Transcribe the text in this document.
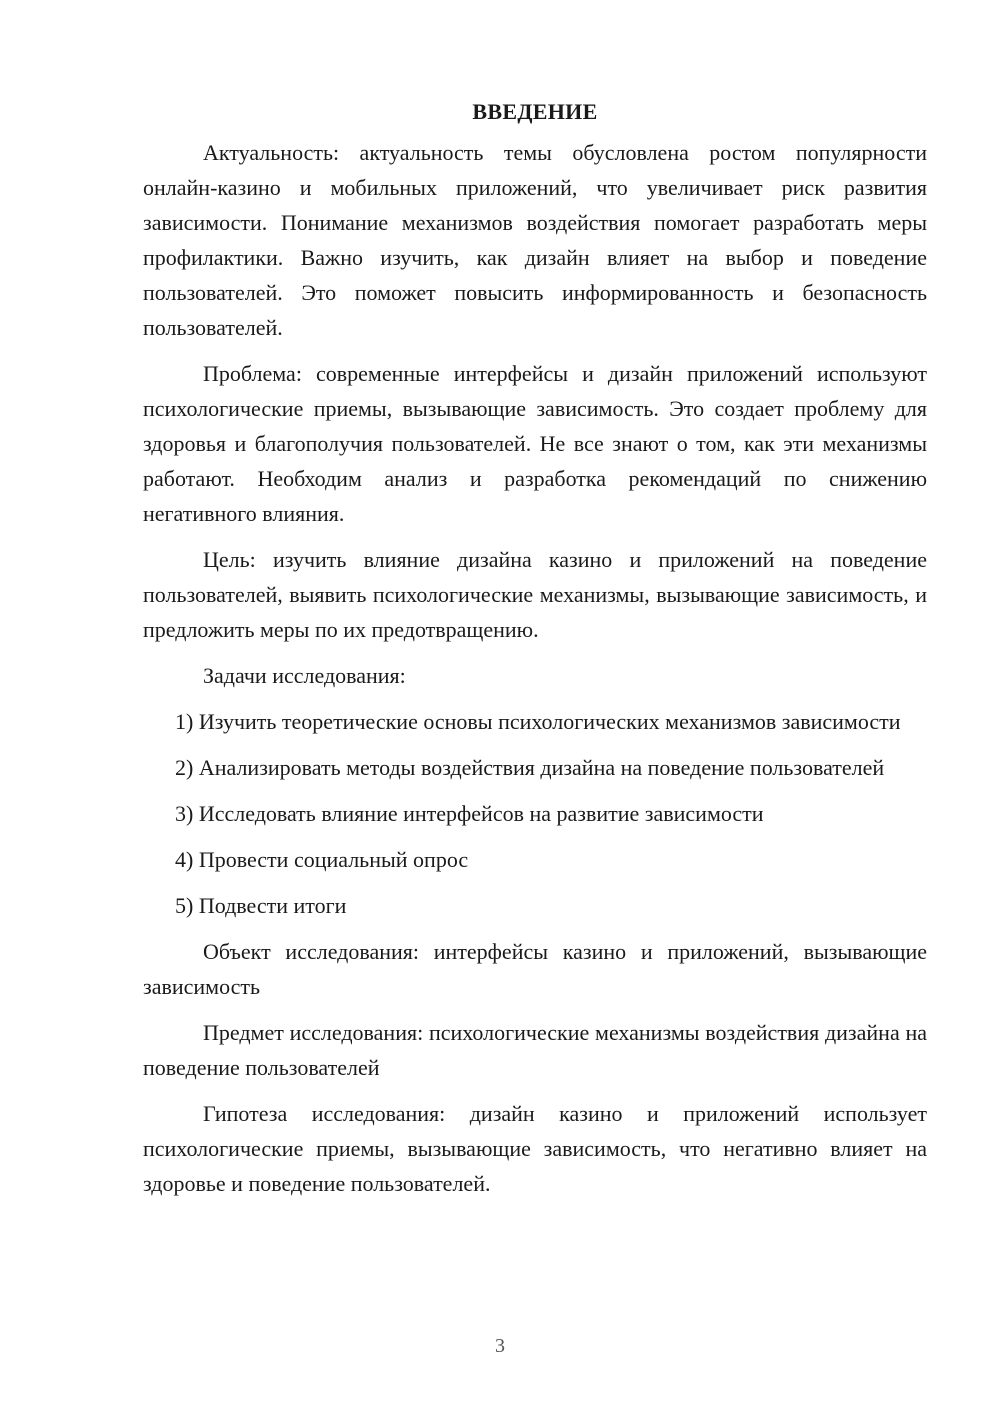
ВВЕДЕНИЕ

Актуальность: актуальность темы обусловлена ростом популярности онлайн-казино и мобильных приложений, что увеличивает риск развития зависимости. Понимание механизмов воздействия помогает разработать меры профилактики. Важно изучить, как дизайн влияет на выбор и поведение пользователей. Это поможет повысить информированность и безопасность пользователей.

Проблема: современные интерфейсы и дизайн приложений используют психологические приемы, вызывающие зависимость. Это создает проблему для здоровья и благополучия пользователей. Не все знают о том, как эти механизмы работают. Необходим анализ и разработка рекомендаций по снижению негативного влияния.

Цель: изучить влияние дизайна казино и приложений на поведение пользователей, выявить психологические механизмы, вызывающие зависимость, и предложить меры по их предотвращению.

Задачи исследования:

1) Изучить теоретические основы психологических механизмов зависимости

2) Анализировать методы воздействия дизайна на поведение пользователей

3) Исследовать влияние интерфейсов на развитие зависимости

4) Провести социальный опрос

5) Подвести итоги

Объект исследования: интерфейсы казино и приложений, вызывающие зависимость

Предмет исследования: психологические механизмы воздействия дизайна на поведение пользователей

Гипотеза исследования: дизайн казино и приложений использует психологические приемы, вызывающие зависимость, что негативно влияет на здоровье и поведение пользователей.

3
